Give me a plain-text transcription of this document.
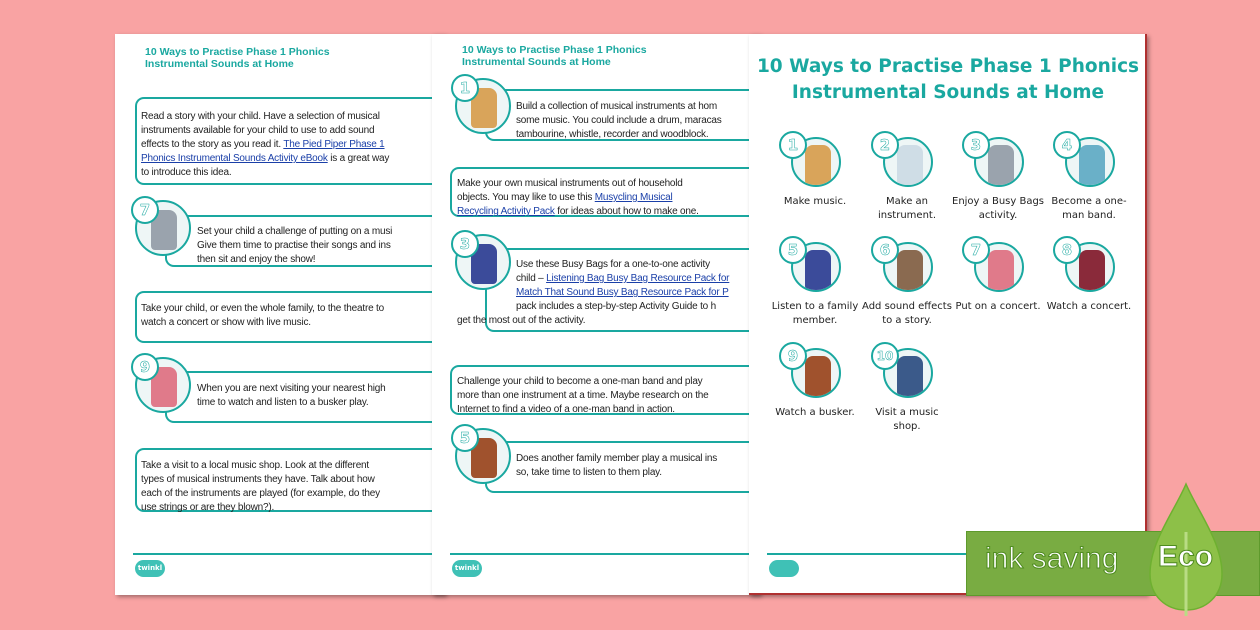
10 Ways to Practise Phase 1 Phonics Instrumental Sounds at Home
Read a story with your child. Have a selection of musical
instruments available for your child to use to add sound
effects to the story as you read it. The Pied Piper Phase 1
Phonics Instrumental Sounds Activity eBook is a great way
to introduce this idea.
7
Set your child a challenge of putting on a musi
Give them time to practise their songs and ins
then sit and enjoy the show!
Take your child, or even the whole family, to the theatre to
watch a concert or show with live music.
9
When you are next visiting your nearest high
time to watch and listen to a busker play.
Take a visit to a local music shop. Look at the different
types of musical instruments they have. Talk about how
each of the instruments are played (for example, do they
use strings or are they blown?).
twinkl
10 Ways to Practise Phase 1 Phonics Instrumental Sounds at Home
1
Build a collection of musical instruments at hom
some music. You could include a drum, maracas
tambourine, whistle, recorder and woodblock.
Make your own musical instruments out of household
objects. You may like to use this Musycling Musical
Recycling Activity Pack for ideas about how to make one.
3
Use these Busy Bags for a one-to-one activity
child – Listening Bag Busy Bag Resource Pack for
Match That Sound Busy Bag Resource Pack for P
pack includes a step-by-step Activity Guide to h
get the most out of the activity.
Challenge your child to become a one-man band and play
more than one instrument at a time. Maybe research on the
Internet to find a video of a one-man band in action.
5
Does another family member play a musical ins
so, take time to listen to them play.
twinkl
10 Ways to Practise Phase 1 Phonics
Instrumental Sounds at Home
1
Make music.
2
Make an instrument.
3
Enjoy a Busy Bags activity.
4
Become a one-man band.
5
Listen to a family member.
6
Add sound effects to a story.
7
Put on a concert.
8
Watch a concert.
9
Watch a busker.
10
Visit a music shop.
ink saving Eco
